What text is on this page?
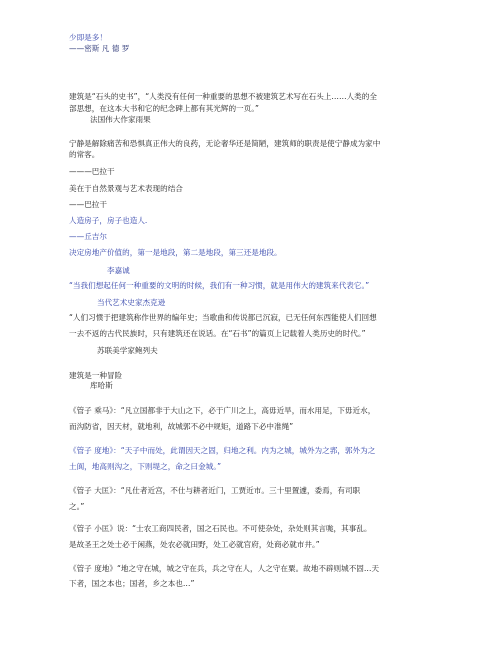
少即是多！
——密斯 凡 德 罗
建筑是“石头的史书”，“人类没有任何一种重要的思想不被建筑艺术写在石头上……人类的全
部思想，在这本大书和它的纪念碑上都有其光辉的一页。”
法国伟大作家雨果
宁静是解除痛苦和恐惧真正伟大的良药，无论奢华还是简陋，建筑师的职责是使宁静成为家中
的常客。
———巴拉干
美在于自然景观与艺术表现的结合
——巴拉干
人造房子，房子也造人.
——丘吉尔
决定房地产价值的，第一是地段，第二是地段，第三还是地段。
李嘉诚
“当我们想起任何一种重要的文明的时候，我们有一种习惯，就是用伟大的建筑来代表它。”
当代艺术史家杰克逊
“人们习惯于把建筑称作世界的编年史；当歌曲和传说都已沉寂，已无任何东西能使人们回想
一去不返的古代民族时，只有建筑还在说话。在“石书”的篇页上记载着人类历史的时代。”
苏联美学家鲍列夫
建筑是一种冒险
库哈斯
《管子 乘马》：“凡立国都非于大山之下，必于广川之上，高毋近旱，而水用足，下毋近水，
而沟防省，因天材，就地利，故城郭不必中规矩，道路下必中准绳”
《管子 度地》：“天子中而处，此谓因天之固，归地之利。内为之城，城外为之郛，郭外为之
土阆，地高则沟之，下则堤之，命之曰金城。”
《管子 大匡》：“凡仕者近宫，不仕与耕者近门，工贾近市。三十里置遽，委焉，有司职
之。”
《管子 小匡》说：“士农工商四民者，国之石民也。不可使杂处，杂处则其言哤，其事乱。
是故圣王之处士必于闲燕，处农必就田野，处工必就官府，处商必就市井。”
《管子 度地》“地之守在城，城之守在兵，兵之守在人，人之守在粟。故地不辟则城不固…天
下者，国之本也；国者，乡之本也…”
